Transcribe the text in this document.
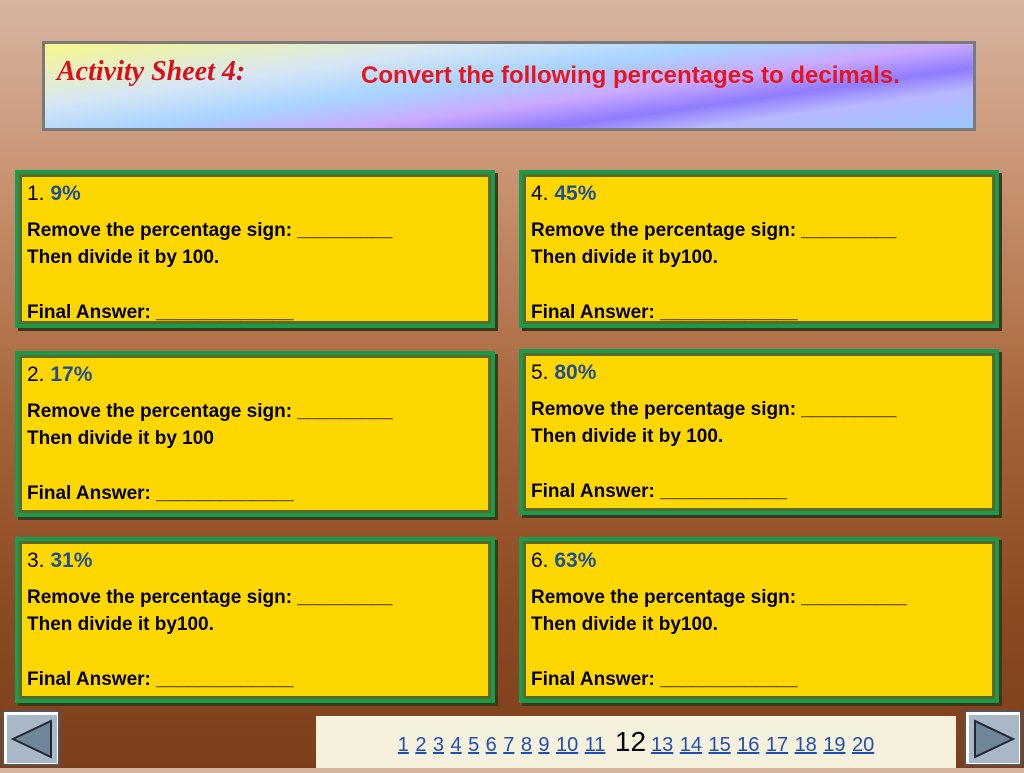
Activity Sheet 4:	Convert the following percentages to decimals.
1. 9%
Remove the percentage sign: _________
Then divide it by 100.
Final Answer: _____________
4. 45%
Remove the percentage sign: _________
Then divide it by100.
Final Answer: _____________
2. 17%
Remove the percentage sign: _________
Then divide it by 100
Final Answer: _____________
5. 80%
Remove the percentage sign: _________
Then divide it by 100.
Final Answer: ____________
3. 31%
Remove the percentage sign: _________
Then divide it by100.
Final Answer: _____________
6. 63%
Remove the percentage sign: __________
Then divide it by100.
Final Answer: _____________
1 2 3 4 5 6 7 8 9 10 11 12 13 14 15 16 17 18 19 20
